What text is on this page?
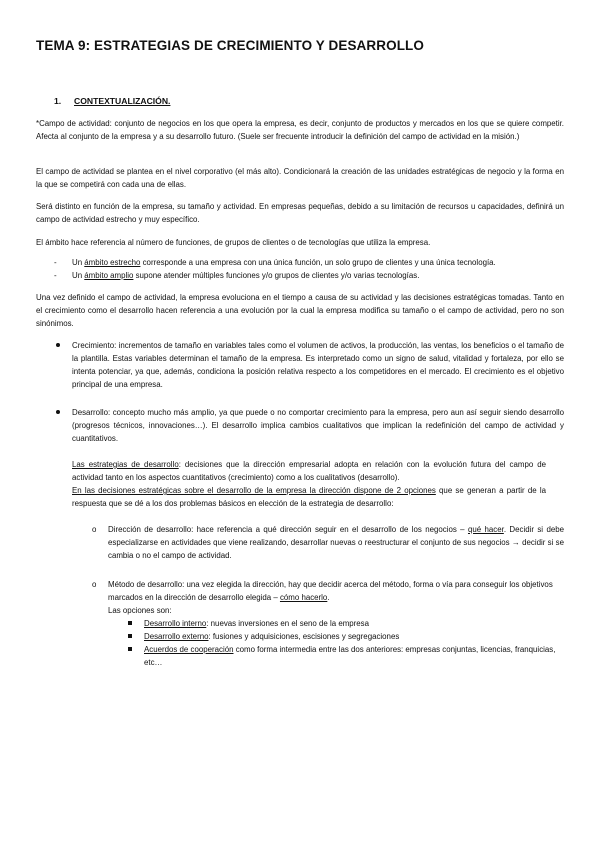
TEMA 9: ESTRATEGIAS DE CRECIMIENTO Y DESARROLLO
1. CONTEXTUALIZACIÓN.

*Campo de actividad: conjunto de negocios en los que opera la empresa, es decir, conjunto de productos y mercados en los que se quiere competir. Afecta al conjunto de la empresa y a su desarrollo futuro. (Suele ser frecuente introducir la definición del campo de actividad en la misión.)

El campo de actividad se plantea en el nivel corporativo (el más alto). Condicionará la creación de las unidades estratégicas de negocio y la forma en la que se competirá con cada una de ellas.

Será distinto en función de la empresa, su tamaño y actividad. En empresas pequeñas, debido a su limitación de recursos u capacidades, definirá un campo de actividad estrecho y muy específico.

El ámbito hace referencia al número de funciones, de grupos de clientes o de tecnologías que utiliza la empresa.

- Un ámbito estrecho corresponde a una empresa con una única función, un solo grupo de clientes y una única tecnología.
- Un ámbito amplio supone atender múltiples funciones y/o grupos de clientes y/o varias tecnologías.

Una vez definido el campo de actividad, la empresa evoluciona en el tiempo a causa de su actividad y las decisiones estratégicas tomadas. Tanto en el crecimiento como el desarrollo hacen referencia a una evolución por la cual la empresa modifica su tamaño o el campo de actividad, pero no son sinónimos.

Crecimiento: incrementos de tamaño en variables tales como el volumen de activos, la producción, las ventas, los beneficios o el tamaño de la plantilla. Estas variables determinan el tamaño de la empresa. Es interpretado como un signo de salud, vitalidad y fortaleza, por ello se intenta potenciar, ya que, además, condiciona la posición relativa respecto a los competidores en el mercado. El crecimiento es el objetivo principal de una empresa.

Desarrollo: concepto mucho más amplio, ya que puede o no comportar crecimiento para la empresa, pero aun así seguir siendo desarrollo (progresos técnicos, innovaciones…). El desarrollo implica cambios cualitativos que implican la redefinición del campo de actividad y cuantitativos.

Las estrategias de desarrollo: decisiones que la dirección empresarial adopta en relación con la evolución futura del campo de actividad tanto en los aspectos cuantitativos (crecimiento) como a los cualitativos (desarrollo).
En las decisiones estratégicas sobre el desarrollo de la empresa la dirección dispone de 2 opciones que se generan a partir de la respuesta que se dé a los dos problemas básicos en elección de la estrategia de desarrollo:

o Dirección de desarrollo: hace referencia a qué dirección seguir en el desarrollo de los negocios – qué hacer. Decidir si debe especializarse en actividades que viene realizando, desarrollar nuevas o reestructurar el conjunto de sus negocios → decidir si se cambia o no el campo de actividad.

o Método de desarrollo: una vez elegida la dirección, hay que decidir acerca del método, forma o vía para conseguir los objetivos marcados en la dirección de desarrollo elegida – cómo hacerlo.
Las opciones son:

Desarrollo interno: nuevas inversiones en el seno de la empresa
Desarrollo externo: fusiones y adquisiciones, escisiones y segregaciones
Acuerdos de cooperación como forma intermedia entre las dos anteriores: empresas conjuntas, licencias, franquicias, etc…
